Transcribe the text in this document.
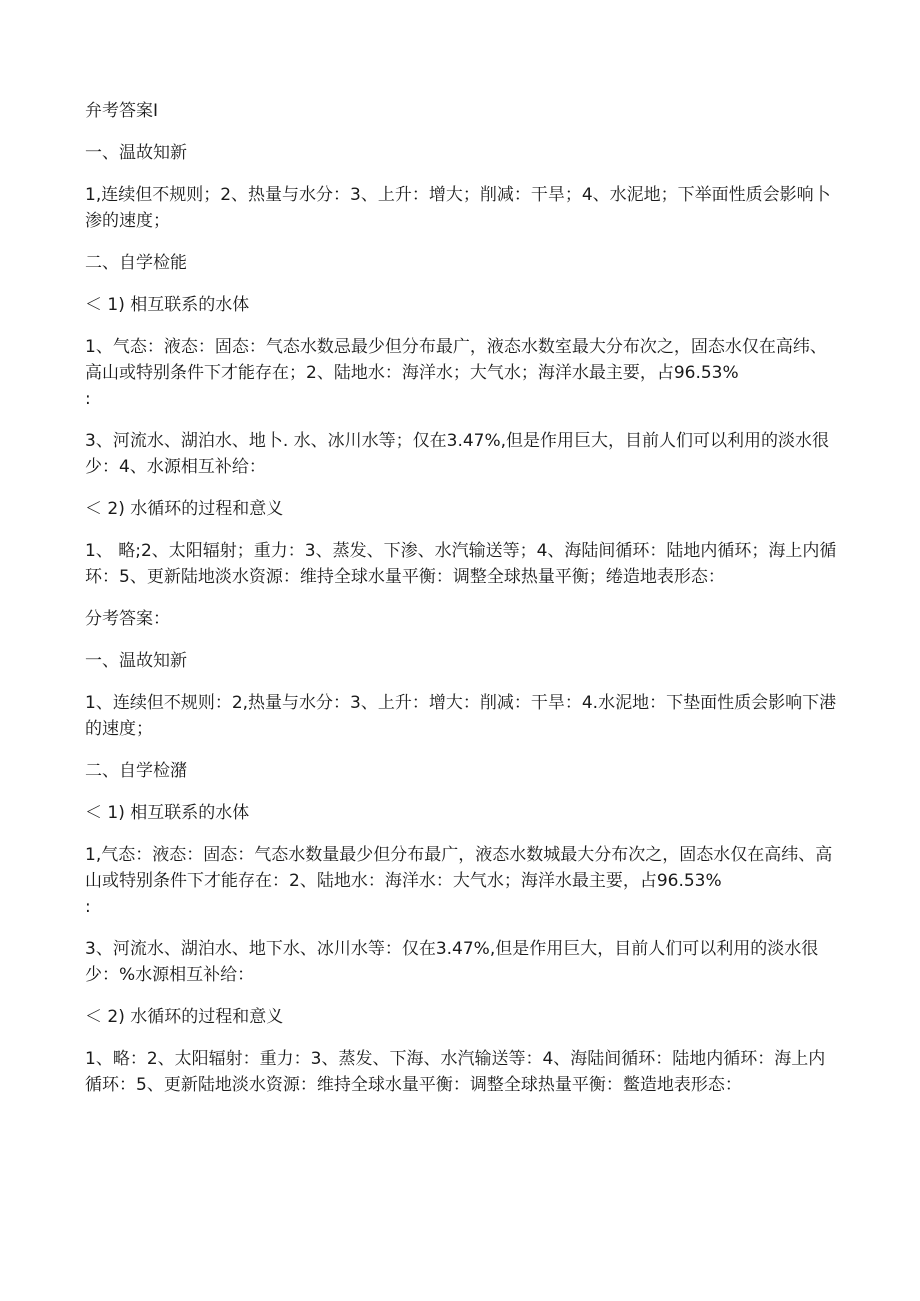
弁考答案I

一、温故知新

1,连续但不规则；2、热量与水分：3、上升：增大；削减：干旱；4、水泥地；下举面性质会影响卜渗的速度；

二、自学检能

＜ 1) 相互联系的水体

1、气态：液态：固态：气态水数忌最少但分布最广，液态水数室最大分布次之，固态水仅在高纬、高山或特别条件下才能存在；2、陆地水：海洋水；大气水；海洋水最主要，占96.53%

:

3、河流水、湖泊水、地卜. 水、冰川水等；仅在3.47%,但是作用巨大，目前人们可以利用的淡水很少：4、水源相互补给：

＜ 2) 水循环的过程和意义

1、 略;2、太阳辐射；重力：3、蒸发、下渗、水汽输送等；4、海陆间循环：陆地内循环；海上内循环：5、更新陆地淡水资源：维持全球水量平衡：调整全球热量平衡；绻造地表形态：

分考答案：

一、温故知新

1、连续但不规则：2,热量与水分：3、上升：增大：削减：干旱：4.水泥地：下垫面性质会影响下港的速度；

二、自学检潴

＜ 1) 相互联系的水体

1,气态：液态：固态：气态水数量最少但分布最广，液态水数城最大分布次之，固态水仅在高纬、高山或特别条件下才能存在：2、陆地水：海洋水：大气水；海洋水最主要，占96.53%

:

3、河流水、湖泊水、地下水、冰川水等：仅在3.47%,但是作用巨大，目前人们可以利用的淡水很少：%水源相互补给：

＜ 2) 水循环的过程和意义

1、略：2、太阳辐射：重力：3、蒸发、下海、水汽输送等：4、海陆间循环：陆地内循环：海上内循环：5、更新陆地淡水资源：维持全球水量平衡：调整全球热量平衡：鳖造地表形态：
